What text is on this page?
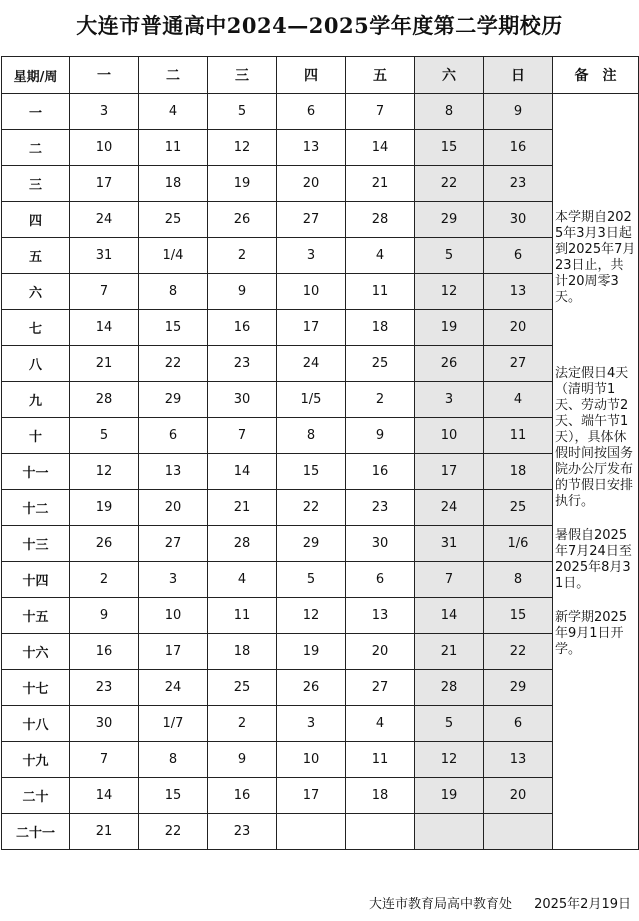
大连市普通高中2024—2025学年度第二学期校历
星期/周	一	二	三	四	五	六	日	备　注
一	3	4	5	6	7	8	9	本学期自2025年3月3日起到2025年7月23日止，共计20周零3天。
法定假日4天（清明节1天、劳动节2天、端午节1天），具体休假时间按国务院办公厅发布的节假日安排执行。
暑假自2025年7月24日至2025年8月31日。
新学期2025年9月1日开学。

二	10	11	12	13	14	15	16	
三	17	18	19	20	21	22	23	
四	24	25	26	27	28	29	30	
五	31	1/4	2	3	4	5	6	
六	7	8	9	10	11	12	13	
七	14	15	16	17	18	19	20	
八	21	22	23	24	25	26	27	
九	28	29	30	1/5	2	3	4	
十	5	6	7	8	9	10	11	
十一	12	13	14	15	16	17	18	
十二	19	20	21	22	23	24	25	
十三	26	27	28	29	30	31	1/6	
十四	2	3	4	5	6	7	8	
十五	9	10	11	12	13	14	15	
十六	16	17	18	19	20	21	22	
十七	23	24	25	26	27	28	29	
十八	30	1/7	2	3	4	5	6	
十九	7	8	9	10	11	12	13	
二十	14	15	16	17	18	19	20	
二十一	21	22	23					
大连市教育局高中教育处 2025年2月19日
